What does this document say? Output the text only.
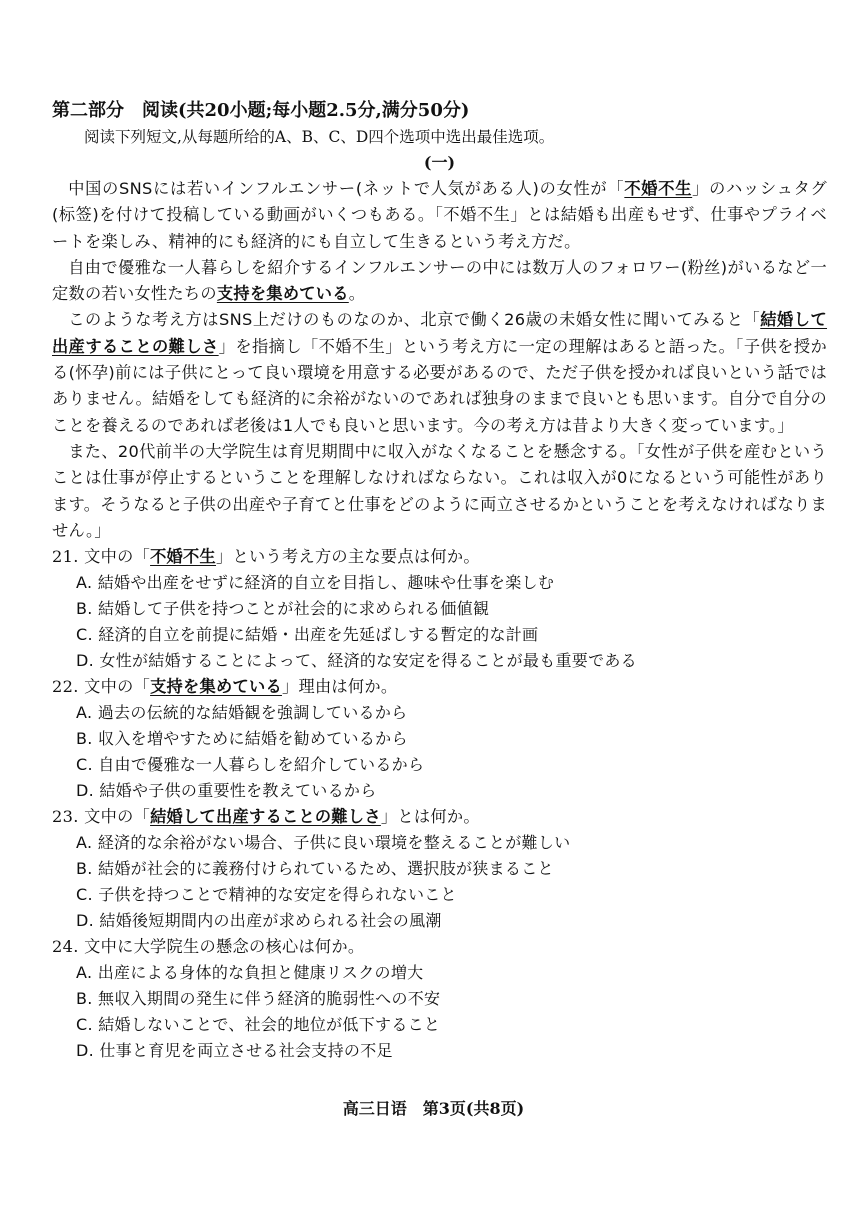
第二部分　阅读(共20小题;每小题2.5分,满分50分)

阅读下列短文,从每题所给的A、B、C、D四个选项中选出最佳选项。

(一)

中国のSNSには若いインフルエンサー(ネットで人気がある人)の女性が「不婚不生」のハッシュタグ(标签)を付けて投稿している動画がいくつもある。「不婚不生」とは結婚も出産もせず、仕事やプライベートを楽しみ、精神的にも経済的にも自立して生きるという考え方だ。

自由で優雅な一人暮らしを紹介するインフルエンサーの中には数万人のフォロワー(粉丝)がいるなど一定数の若い女性たちの支持を集めている。

このような考え方はSNS上だけのものなのか、北京で働く26歳の未婚女性に聞いてみると「結婚して出産することの難しさ」を指摘し「不婚不生」という考え方に一定の理解はあると語った。「子供を授かる(怀孕)前には子供にとって良い環境を用意する必要があるので、ただ子供を授かれば良いという話ではありません。結婚をしても経済的に余裕がないのであれば独身のままで良いとも思います。自分で自分のことを養えるのであれば老後は1人でも良いと思います。今の考え方は昔より大きく変っています。」

また、20代前半の大学院生は育児期間中に収入がなくなることを懸念する。「女性が子供を産むということは仕事が停止するということを理解しなければならない。これは収入が0になるという可能性があります。そうなると子供の出産や子育てと仕事をどのように両立させるかということを考えなければなりません。」

21. 文中の「不婚不生」という考え方の主な要点は何か。

A. 結婚や出産をせずに経済的自立を目指し、趣味や仕事を楽しむ

B. 結婚して子供を持つことが社会的に求められる価値観

C. 経済的自立を前提に結婚・出産を先延ばしする暫定的な計画

D. 女性が結婚することによって、経済的な安定を得ることが最も重要である

22. 文中の「支持を集めている」理由は何か。

A. 過去の伝統的な結婚観を強調しているから

B. 収入を増やすために結婚を勧めているから

C. 自由で優雅な一人暮らしを紹介しているから

D. 結婚や子供の重要性を教えているから

23. 文中の「結婚して出産することの難しさ」とは何か。

A. 経済的な余裕がない場合、子供に良い環境を整えることが難しい

B. 結婚が社会的に義務付けられているため、選択肢が狭まること

C. 子供を持つことで精神的な安定を得られないこと

D. 結婚後短期間内の出産が求められる社会の風潮

24. 文中に大学院生の懸念の核心は何か。

A. 出産による身体的な負担と健康リスクの増大

B. 無収入期間の発生に伴う経済的脆弱性への不安

C. 結婚しないことで、社会的地位が低下すること

D. 仕事と育児を両立させる社会支持の不足

高三日语　第3页(共8页)
